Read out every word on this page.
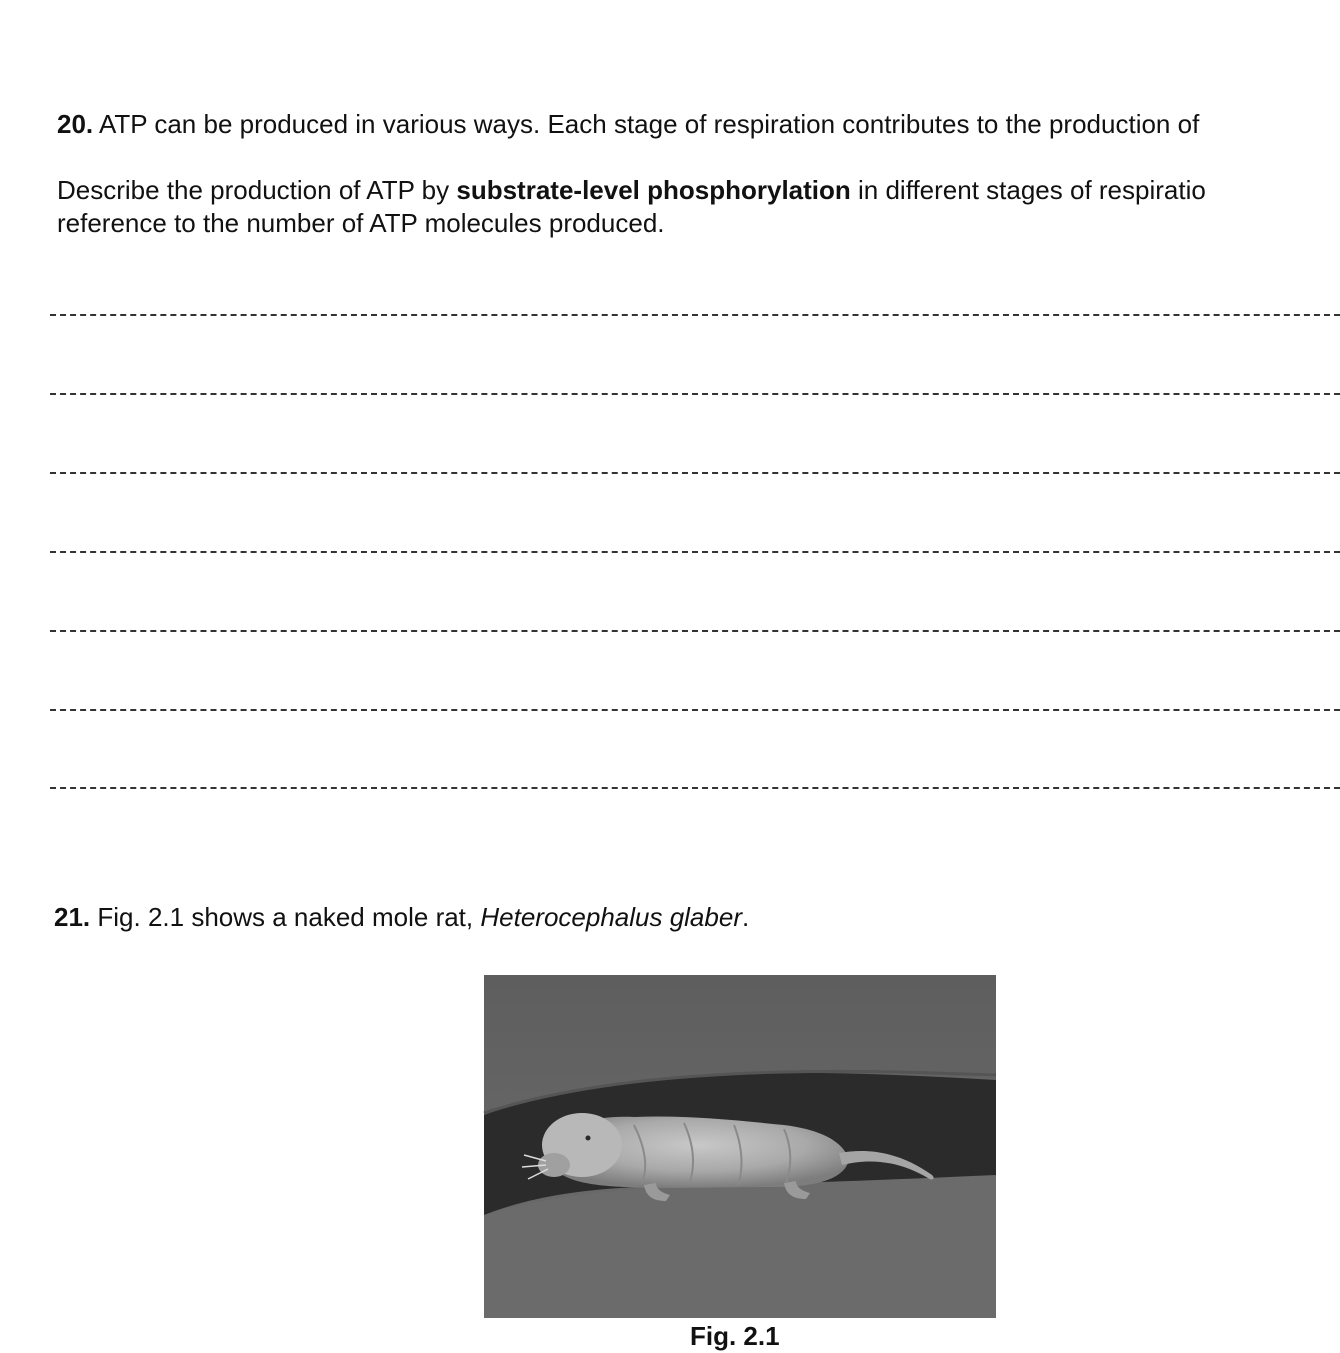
20. ATP can be produced in various ways. Each stage of respiration contributes to the production of
Describe the production of ATP by substrate-level phosphorylation in different stages of respiratio
reference to the number of ATP molecules produced.
21. Fig. 2.1 shows a naked mole rat, Heterocephalus glaber.
Fig. 2.1
